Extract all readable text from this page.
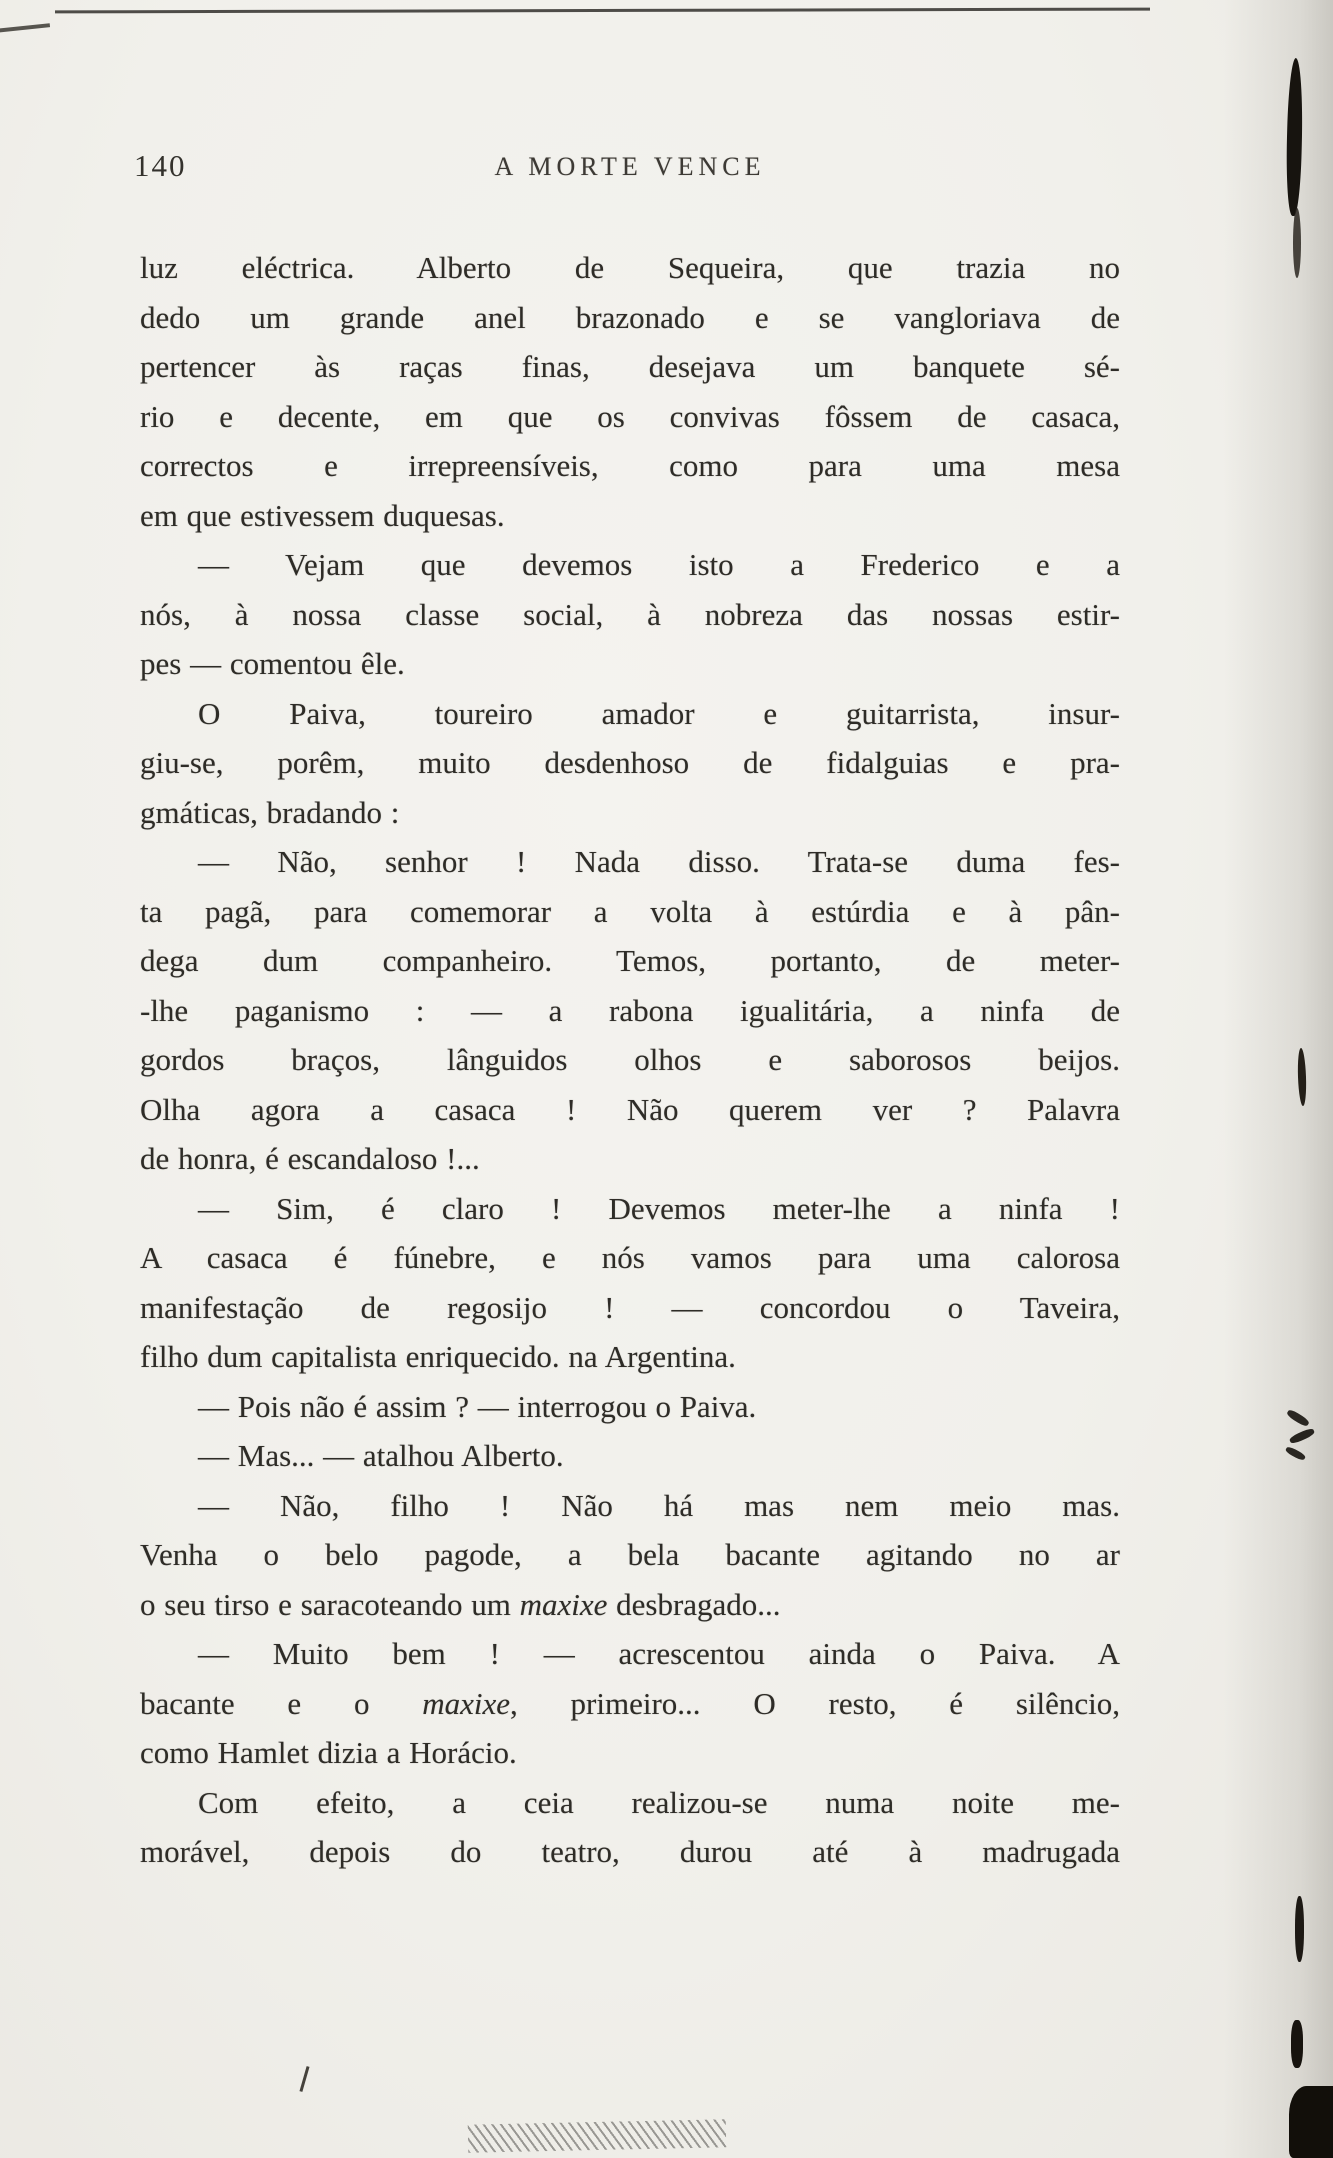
140	A MORTE VENCE
luz eléctrica. Alberto de Sequeira, que trazia no
dedo um grande anel brazonado e se vangloriava de
pertencer às raças finas, desejava um banquete sé-
rio e decente, em que os convivas fôssem de casaca,
correctos e irrepreensíveis, como para uma mesa
em que estivessem duquesas.
— Vejam que devemos isto a Frederico e a
nós, à nossa classe social, à nobreza das nossas estir-
pes — comentou êle.
O Paiva, toureiro amador e guitarrista, insur-
giu-se, porêm, muito desdenhoso de fidalguias e pra-
gmáticas, bradando :
— Não, senhor ! Nada disso. Trata-se duma fes-
ta pagã, para comemorar a volta à estúrdia e à pân-
dega dum companheiro. Temos, portanto, de meter-
-lhe paganismo : — a rabona igualitária, a ninfa de
gordos braços, lânguidos olhos e saborosos beijos.
Olha agora a casaca ! Não querem ver ? Palavra
de honra, é escandaloso !...
— Sim, é claro ! Devemos meter-lhe a ninfa !
A casaca é fúnebre, e nós vamos para uma calorosa
manifestação de regosijo ! — concordou o Taveira,
filho dum capitalista enriquecido. na Argentina.
— Pois não é assim ? — interrogou o Paiva.
— Mas... — atalhou Alberto.
— Não, filho ! Não há mas nem meio mas.
Venha o belo pagode, a bela bacante agitando no ar
o seu tirso e saracoteando um maxixe desbragado...
— Muito bem ! — acrescentou ainda o Paiva. A
bacante e o maxixe, primeiro... O resto, é silêncio,
como Hamlet dizia a Horácio.
Com efeito, a ceia realizou-se numa noite me-
morável, depois do teatro, durou até à madrugada
